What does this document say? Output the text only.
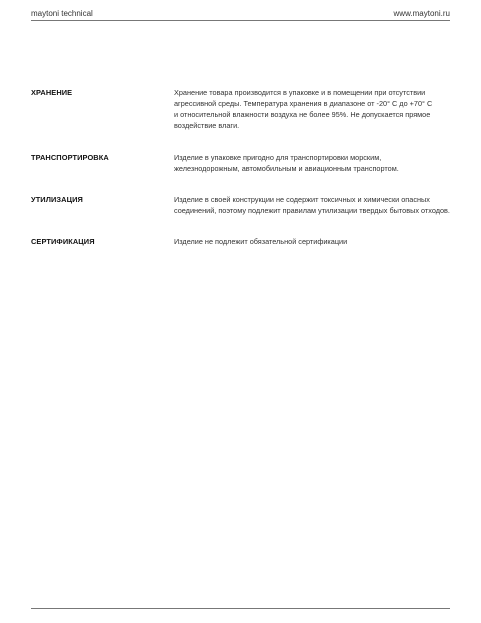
maytoni technical	www.maytoni.ru
ХРАНЕНИЕ	Хранение товара производится в упаковке и в помещении при отсутствии
агрессивной среды. Температура хранения в диапазоне от -20° С до +70° С
и относительной влажности воздуха не более 95%. Не допускается прямое
воздействие влаги.
ТРАНСПОРТИРОВКА	Изделие в упаковке пригодно для транспортировки морским,
железнодорожным, автомобильным и авиационным транспортом.
УТИЛИЗАЦИЯ	Изделие в своей конструкции не содержит токсичных и химически опасных
соединений, поэтому подлежит правилам утилизации твердых бытовых отходов.
СЕРТИФИКАЦИЯ	Изделие не подлежит обязательной сертификации
